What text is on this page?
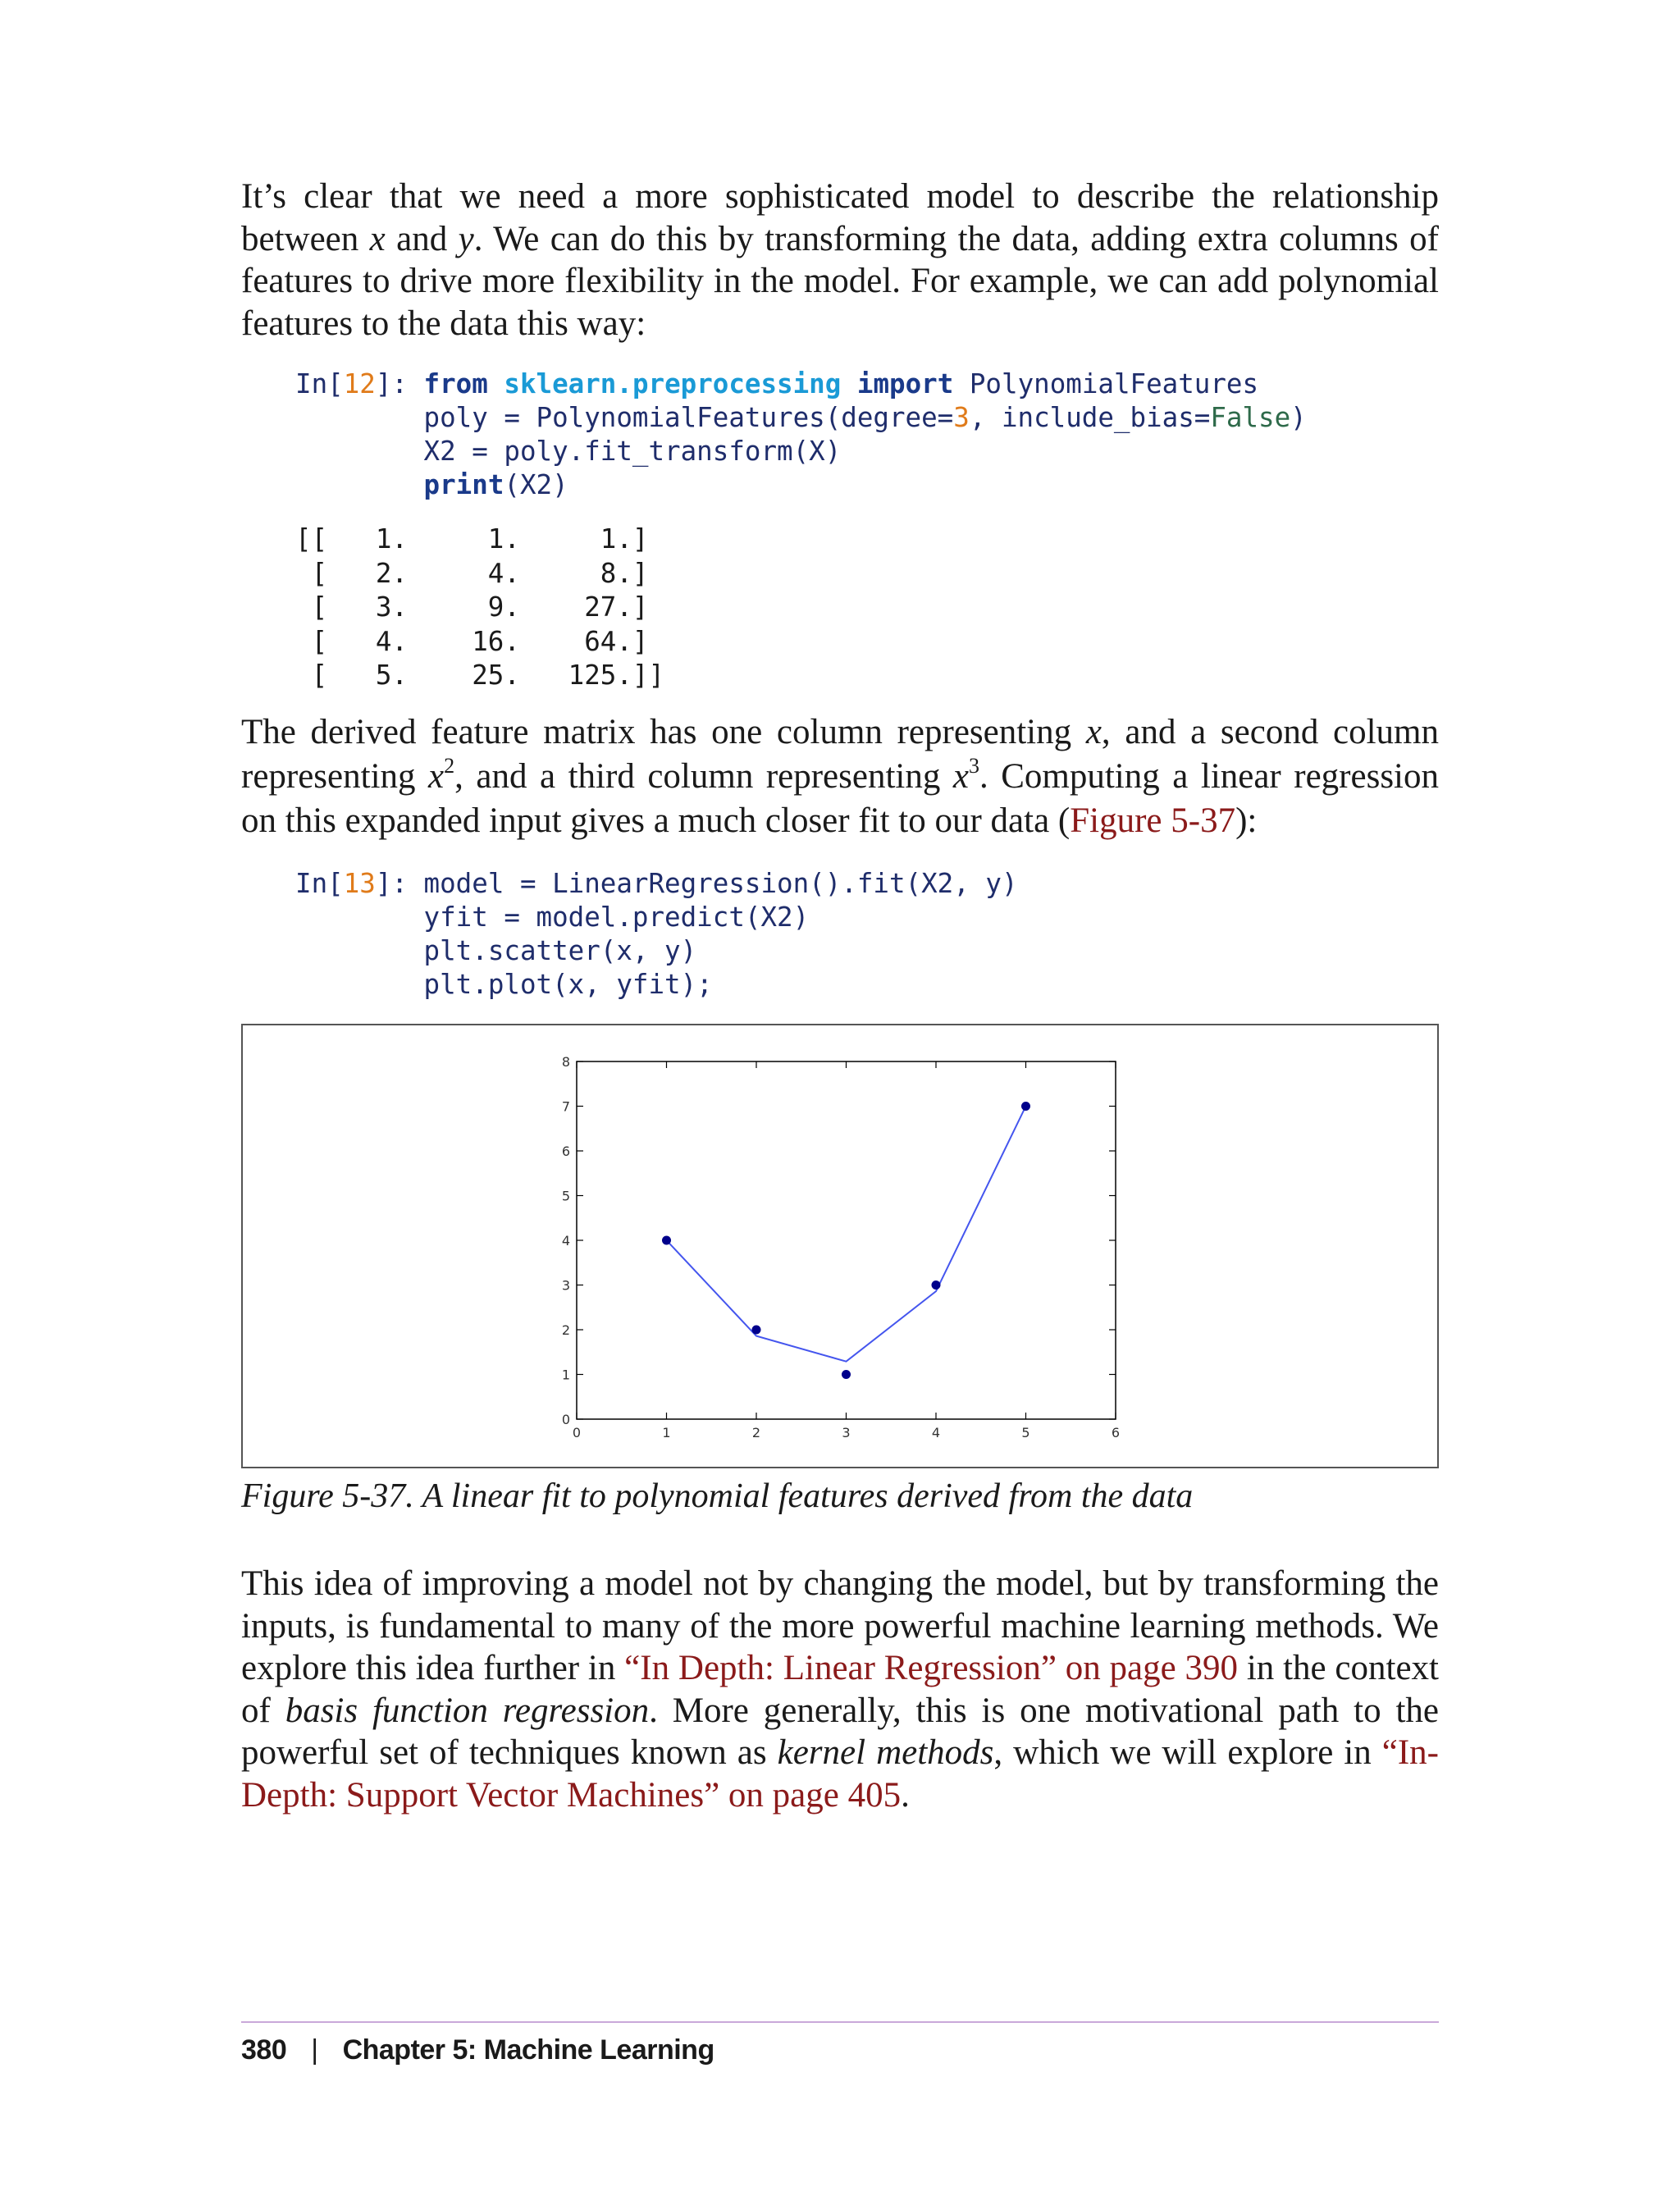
It’s clear that we need a more sophisticated model to describe the relationship between x and y. We can do this by transforming the data, adding extra columns of features to drive more flexibility in the model. For example, we can add polynomial features to the data this way:

In[12]: from sklearn.preprocessing import PolynomialFeatures
poly = PolynomialFeatures(degree=3, include_bias=False)
X2 = poly.fit_transform(X)
print(X2)
[[   1.     1.     1.]
[   2.     4.     8.]
[   3.     9.    27.]
[   4.    16.    64.]
[   5.    25.   125.]]

The derived feature matrix has one column representing x, and a second column representing $x^2$, and a third column representing $x^3$. Computing a linear regression on this expanded input gives a much closer fit to our data (Figure 5-37):

In[13]: model = LinearRegression().fit(X2, y)
yfit = model.predict(X2)
plt.scatter(x, y)
plt.plot(x, yfit);
0	1	2	3	4	5	6
0
1
2
3
4
5
6
7
8

Figure 5-37. A linear fit to polynomial features derived from the data

This idea of improving a model not by changing the model, but by transforming the inputs, is fundamental to many of the more powerful machine learning methods. We explore this idea further in “In Depth: Linear Regression” on page 390 in the context of basis function regression. More generally, this is one motivational path to the powerful set of techniques known as kernel methods, which we will explore in “In-Depth: Support Vector Machines” on page 405.

380 | Chapter 5: Machine Learning
